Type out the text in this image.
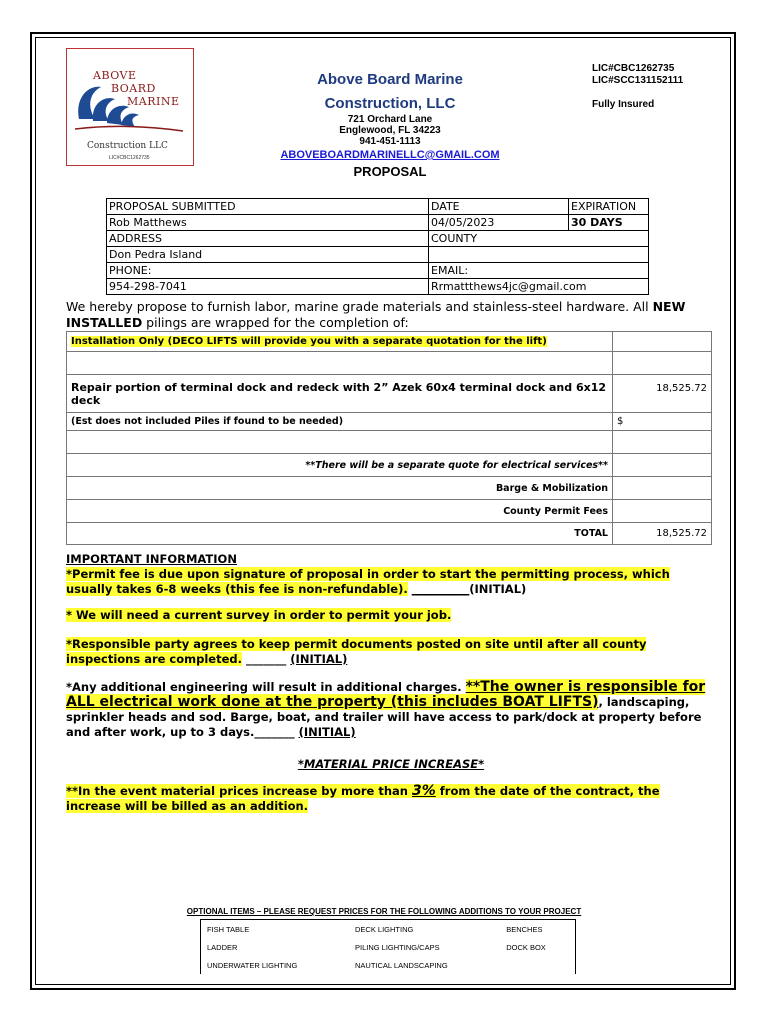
ABOVE
BOARD
MARINE
Construction LLC
LIC#CBC1262735
Above Board Marine
Construction, LLC
LIC#CBC1262735
LIC#SCC131152111
Fully Insured
721 Orchard Lane
Englewood, FL 34223
941-451-1113
ABOVEBOARDMARINELLC@GMAIL.COM
PROPOSAL
PROPOSAL SUBMITTED	DATE	EXPIRATION
Rob Matthews	04/05/2023	30 DAYS
ADDRESS	COUNTY	
Don Pedra Island		
PHONE:	EMAIL:	
954-298-7041	Rrmattthews4jc@gmail.com	
We hereby propose to furnish labor, marine grade materials and stainless-steel hardware. All NEW INSTALLED pilings are wrapped for the completion of:
Installation Only (DECO LIFTS will provide you with a separate quotation for the lift)	

Repair portion of terminal dock and redeck with 2” Azek 60x4 terminal dock and 6x12 deck	18,525.72
(Est does not included Piles if found to be needed)	$

**There will be a separate quote for electrical services**	
Barge & Mobilization	
County Permit Fees	
TOTAL	18,525.72
IMPORTANT INFORMATION
*Permit fee is due upon signature of proposal in order to start the permitting process, which usually takes 6-8 weeks (this fee is non-refundable). __________(INITIAL)
* We will need a current survey in order to permit your job.
*Responsible party agrees to keep permit documents posted on site until after all county inspections are completed. _______ (INITIAL)
*Any additional engineering will result in additional charges. **The owner is responsible for ALL electrical work done at the property (this includes BOAT LIFTS), landscaping, sprinkler heads and sod. Barge, boat, and trailer will have access to park/dock at property before and after work, up to 3 days._______ (INITIAL)
*MATERIAL PRICE INCREASE*
**In the event material prices increase by more than 3% from the date of the contract, the increase will be billed as an addition.
OPTIONAL ITEMS – PLEASE REQUEST PRICES FOR THE FOLLOWING ADDITIONS TO YOUR PROJECT
FISH TABLE	DECK LIGHTING	BENCHES
LADDER	PILING LIGHTING/CAPS	DOCK BOX
UNDERWATER LIGHTING	NAUTICAL LANDSCAPING	
